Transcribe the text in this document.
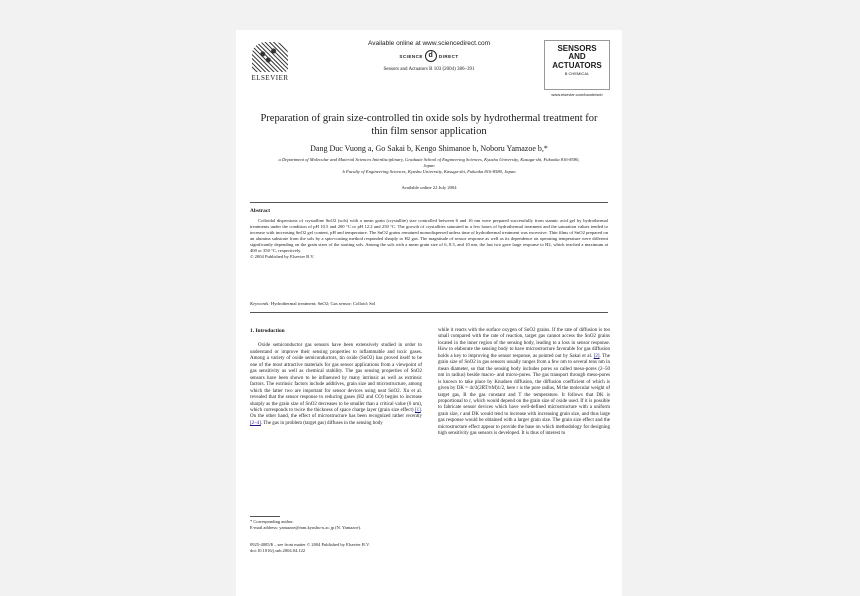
ELSEVIER
Available online at www.sciencedirect.com
SCIENCE d	DIRECT
Sensors and Actuators B 103 (2004) 386–391
SENSORS
AND
ACTUATORS
B CHEMICAL
www.elsevier.com/locate/snb
Preparation of grain size-controlled tin oxide sols by hydrothermal treatment for thin film sensor application
Dang Duc Vuong a, Go Sakai b, Kengo Shimanoe b, Noboru Yamazoe b,*
a Department of Molecular and Material Sciences Interdisciplinary, Graduate School of Engineering Sciences, Kyushu University, Kasuga-shi, Fukuoka 816-8580, Japan
b Faculty of Engineering Sciences, Kyushu University, Kasuga-shi, Fukuoka 816-8580, Japan
Available online 22 July 2004
Abstract

Colloidal dispersions of crystalline SnO2 (sols) with a mean grain (crystallite) size controlled between 6 and 16 nm were prepared successfully from stannic acid gel by hydrothermal treatments under the condition of pH 10.5 and 200 °C or pH 12.2 and 250 °C. The growth of crystallites saturated in a few hours of hydrothermal treatment and the saturation values tended to increase with increasing SnO2 gel content, pH and temperature. The SnO2 grains remained monodispersed unless time of hydrothermal treatment was excessive. Thin films of SnO2 prepared on an alumina substrate from the sols by a spin-coating method responded sharply to H2 gas. The magnitude of sensor response as well as its dependence on operating temperature were different significantly depending on the grain sizes of the starting sols. Among the sols with a mean grain size of 6, 8.5, and 10 nm, the last two gave large response to H2, which reached a maximum at 400 or 350 °C, respectively.

© 2004 Published by Elsevier B.V.

Keywords: Hydrothermal treatment; SnO2; Gas sensor; Colloid; Sol
1. Introduction

Oxide semiconductor gas sensors have been extensively studied in order to understand or improve their sensing properties to inflammable and toxic gases. Among a variety of oxide semiconductors, tin oxide (SnO2) has proved itself to be one of the most attractive materials for gas sensor applications from a viewpoint of gas sensitivity as well as chemical stability. The gas sensing properties of SnO2 sensors have been shown to be influenced by many intrinsic as well as extrinsic factors. The extrinsic factors include additives, grain size and microstructure, among which the latter two are important for sensor devices using neat SnO2. Xu et al. revealed that the sensor response to reducing gases (H2 and CO) begins to increase sharply as the grain size of SnO2 decreases to be smaller than a critical value (6 nm), which corresponds to twice the thickness of space charge layer (grain size effect) [1]. On the other hand, the effect of microstructure has been recognized rather recently [2–4]. The gas in problem (target gas) diffuses in the sensing body

while it reacts with the surface oxygen of SnO2 grains. If the rate of diffusion is too small compared with the rate of reaction, target gas cannot access the SnO2 grains located in the inner region of the sensing body, leading to a loss in sensor response. How to elaborate the sensing body to have microstructure favorable for gas diffusion holds a key to improving the sensor response, as pointed out by Sakai et al. [2]. The grain size of SnO2 in gas sensors usually ranges from a few nm to several tens nm in mean diameter, so that the sensing body includes pores so called meso-pores (2–50 nm in radius) beside macro- and micro-pores. The gas transport through meso-pores is known to take place by Knudsen diffusion, the diffusion coefficient of which is given by DK = 4r/3(2RT/πM)1/2, here r is the pore radius, M the molecular weight of target gas, R the gas constant and T the temperature. It follows that DK is proportional to r, which would depend on the grain size of oxide used. If it is possible to fabricate sensor devices which have well-defined microstructure with a uniform grain size, r and DK would tend to increase with increasing grain size, and thus large gas response would be obtained with a larger grain size. The grain size effect and the microstructure effect appear to provide the base on which methodology for designing high sensitivity gas sensors is developed. It is thus of interest to

* Corresponding author.
E-mail address: yamazoe@mm.kyushu-u.ac.jp (N. Yamazoe).
0925-4005/$ – see front matter © 2004 Published by Elsevier B.V.
doi:10.1016/j.snb.2004.04.122
